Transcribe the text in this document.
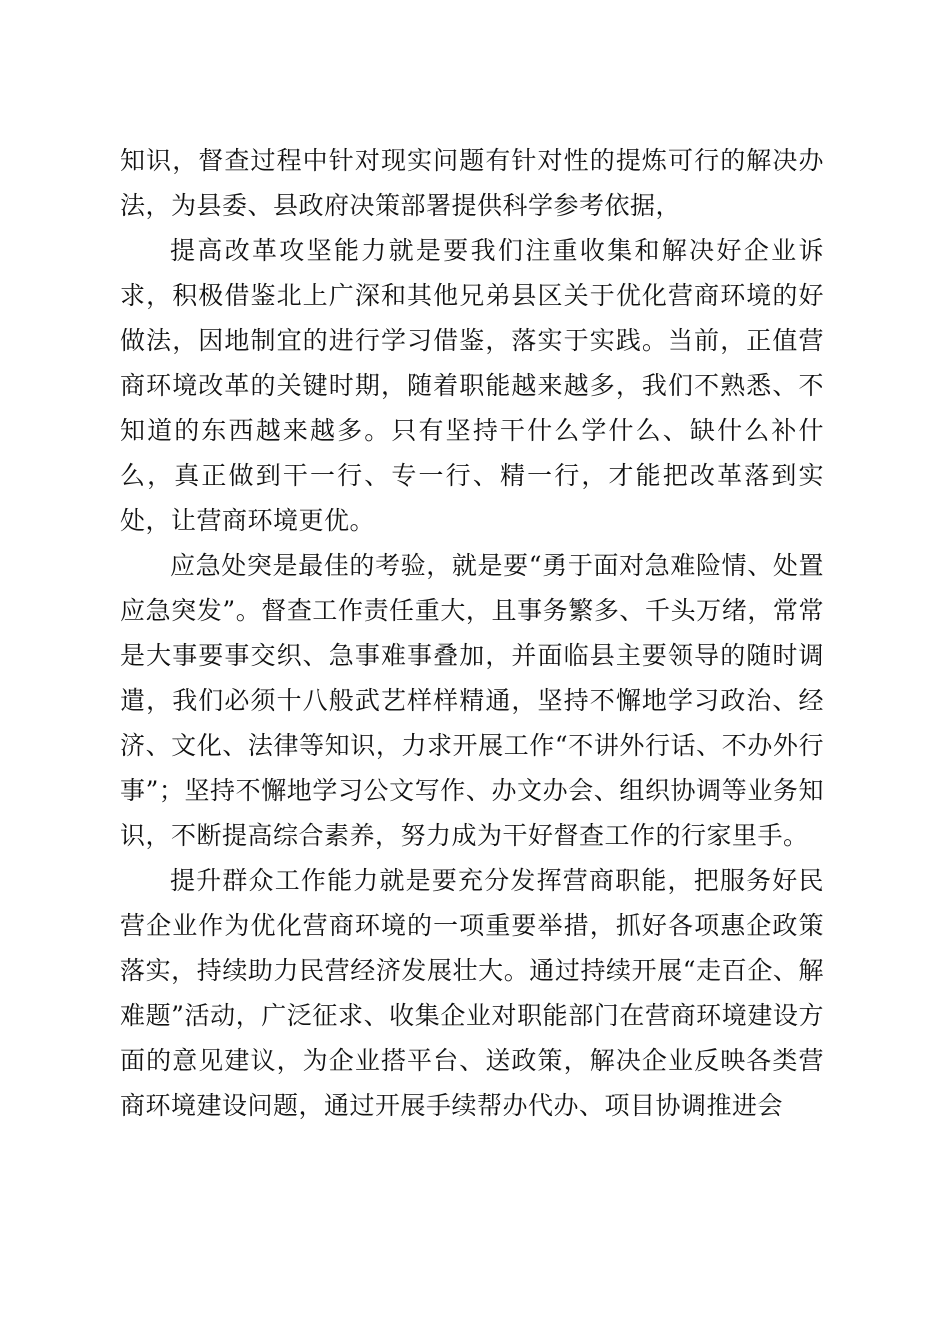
知识，督查过程中针对现实问题有针对性的提炼可行的解决办法，为县委、县政府决策部署提供科学参考依据，

提高改革攻坚能力就是要我们注重收集和解决好企业诉求，积极借鉴北上广深和其他兄弟县区关于优化营商环境的好做法，因地制宜的进行学习借鉴，落实于实践。当前，正值营商环境改革的关键时期，随着职能越来越多，我们不熟悉、不知道的东西越来越多。只有坚持干什么学什么、缺什么补什么，真正做到干一行、专一行、精一行，才能把改革落到实处，让营商环境更优。

应急处突是最佳的考验，就是要“勇于面对急难险情、处置应急突发”。督查工作责任重大，且事务繁多、千头万绪，常常是大事要事交织、急事难事叠加，并面临县主要领导的随时调遣，我们必须十八般武艺样样精通，坚持不懈地学习政治、经济、文化、法律等知识，力求开展工作“不讲外行话、不办外行事”；坚持不懈地学习公文写作、办文办会、组织协调等业务知识，不断提高综合素养，努力成为干好督查工作的行家里手。

提升群众工作能力就是要充分发挥营商职能，把服务好民营企业作为优化营商环境的一项重要举措，抓好各项惠企政策落实，持续助力民营经济发展壮大。通过持续开展“走百企、解难题”活动，广泛征求、收集企业对职能部门在营商环境建设方面的意见建议，为企业搭平台、送政策，解决企业反映各类营商环境建设问题，通过开展手续帮办代办、项目协调推进会
